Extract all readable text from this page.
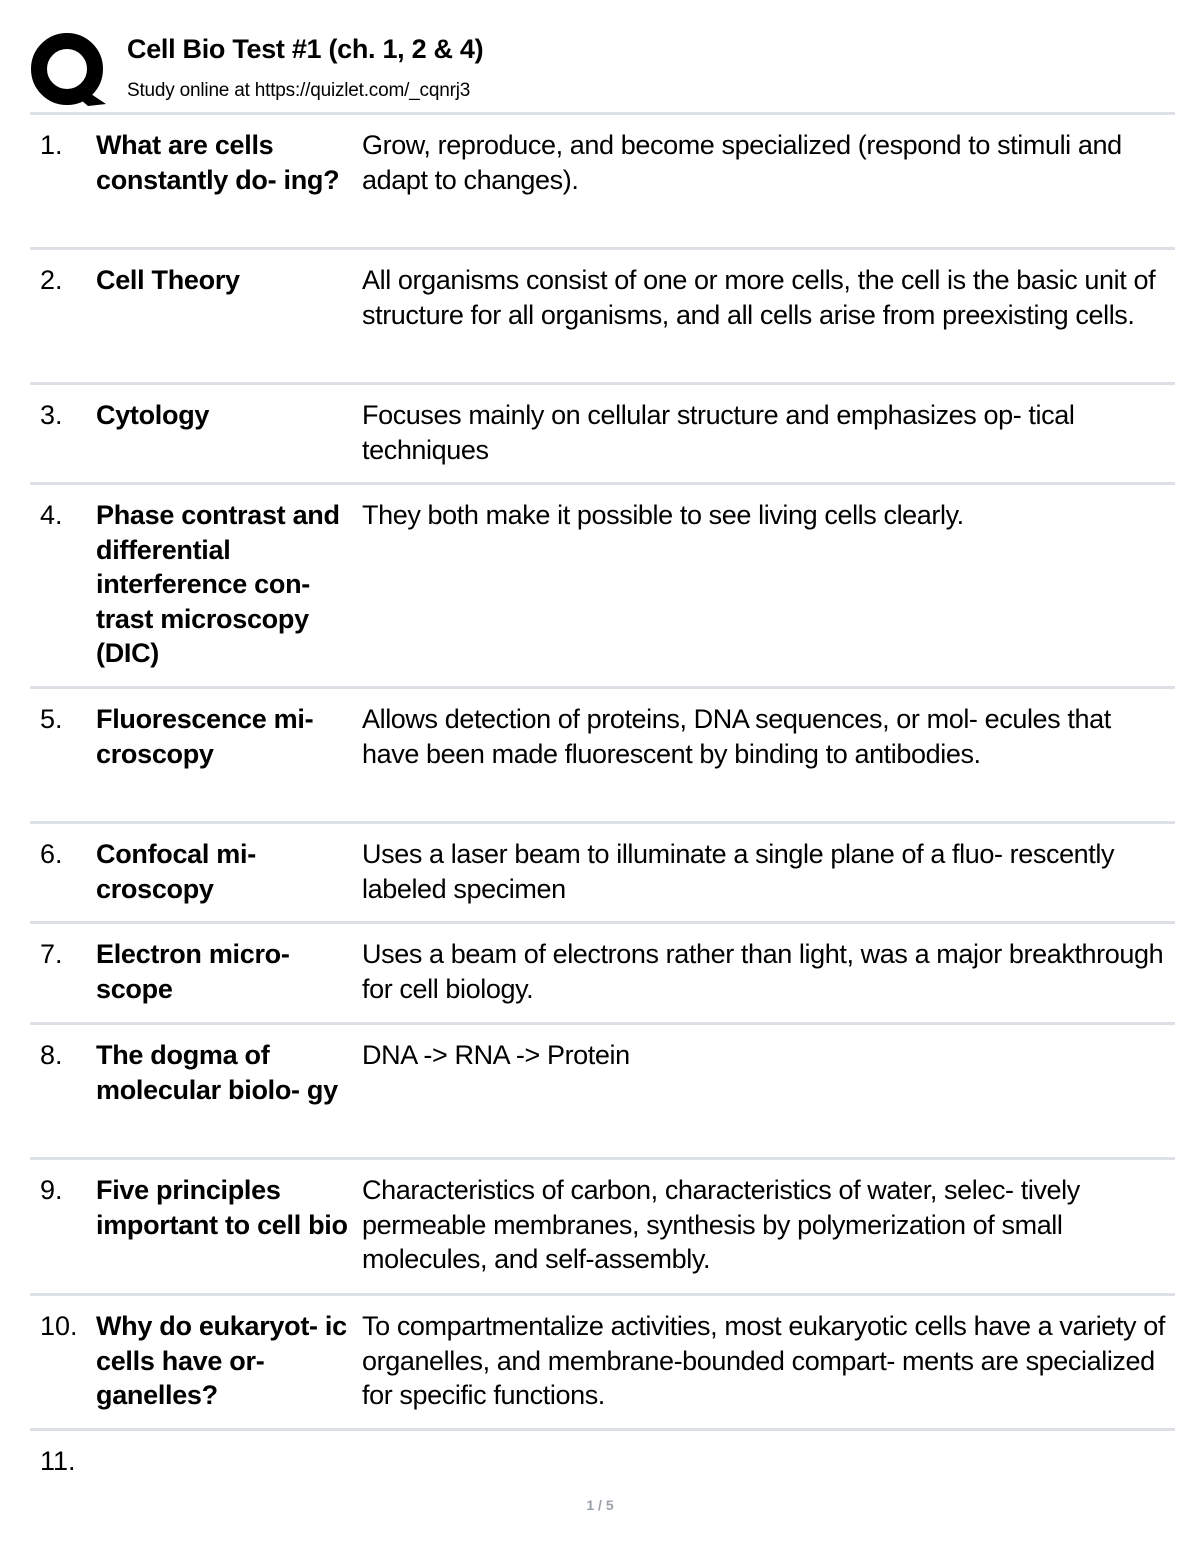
Cell Bio Test #1 (ch. 1, 2 & 4)
Study online at https://quizlet.com/_cqnrj3
1. What are cells constantly do- ing?
Grow, reproduce, and become specialized (respond to stimuli and adapt to changes).
2. Cell Theory	All organisms consist of one or more cells, the cell is the basic unit of structure for all organisms, and all cells arise from preexisting cells.
3. Cytology	Focuses mainly on cellular structure and emphasizes op- tical techniques
4. Phase contrast and differential interference con- trast microscopy (DIC)
They both make it possible to see living cells clearly.
5. Fluorescence mi- croscopy
Allows detection of proteins, DNA sequences, or mol- ecules that have been made fluorescent by binding to antibodies.
6. Confocal mi- croscopy
Uses a laser beam to illuminate a single plane of a fluo- rescently labeled specimen
7. Electron micro- scope
Uses a beam of electrons rather than light, was a major breakthrough for cell biology.
8. The dogma of molecular biolo- gy
DNA -> RNA -> Protein
9. Five principles important to cell bio
Characteristics of carbon, characteristics of water, selec- tively permeable membranes, synthesis by polymerization of small molecules, and self-assembly.
10. Why do eukaryot- ic cells have or- ganelles?
To compartmentalize activities, most eukaryotic cells have a variety of organelles, and membrane-bounded compart- ments are specialized for specific functions.
11.
1 / 5
